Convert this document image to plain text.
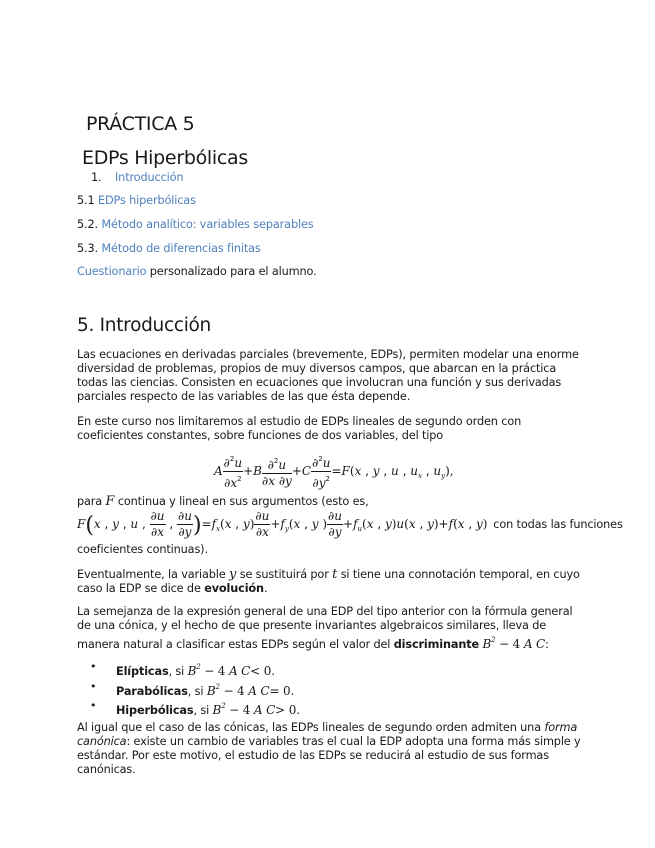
PRÁCTICA 5
EDPs Hiperbólicas
1. Introducción
5.1 EDPs hiperbólicas
5.2. Método analítico: variables separables
5.3. Método de diferencias finitas
Cuestionario personalizado para el alumno.
5. Introducción
Las ecuaciones en derivadas parciales (brevemente, EDPs), permiten modelar una enorme diversidad de problemas, propios de muy diversos campos, que abarcan en la práctica todas las ciencias. Consisten en ecuaciones que involucran una función y sus derivadas parciales respecto de las variables de las que ésta depende.
En este curso nos limitaremos al estudio de EDPs lineales de segundo orden con coeficientes constantes, sobre funciones de dos variables, del tipo
A $\frac{\partial^2u}{\partial x^2} +B \frac{\partial^2u}{\partial x \partial y} +C \frac{\partial^2u}{\partial y^2} =F(x$ , y , u , $u_x$ , $u_y$),
para F continua y lineal en sus argumentos (esto es,
F(x , y , u , $\frac{\partial u}{\partial x}$ , $\frac{\partial u}{\partial y} )=f_x(x$ , $y) \frac{\partial u}{\partial x} +f_y(x$ , y ) $\frac{\partial u}{\partial y} +f_u(x$ , y)u(x , y)+f(x , y) con todas las funciones
coeficientes continuas).
Eventualmente, la variable y se sustituirá por t si tiene una connotación temporal, en cuyo caso la EDP se dice de evolución.
La semejanza de la expresión general de una EDP del tipo anterior con la fórmula general de una cónica, y el hecho de que presente invariantes algebraicos similares, lleva de manera natural a clasificar estas EDPs según el valor del discriminante $B^2 - 4$ A C:
• Elípticas, si $B^2 - 4$ A C< 0.
• Parabólicas, si $B^2 - 4$ A C= 0.
• Hiperbólicas, si $B^2 - 4$ A C> 0.
Al igual que el caso de las cónicas, las EDPs lineales de segundo orden admiten una forma canónica: existe un cambio de variables tras el cual la EDP adopta una forma más simple y estándar. Por este motivo, el estudio de las EDPs se reducirá al estudio de sus formas canónicas.
